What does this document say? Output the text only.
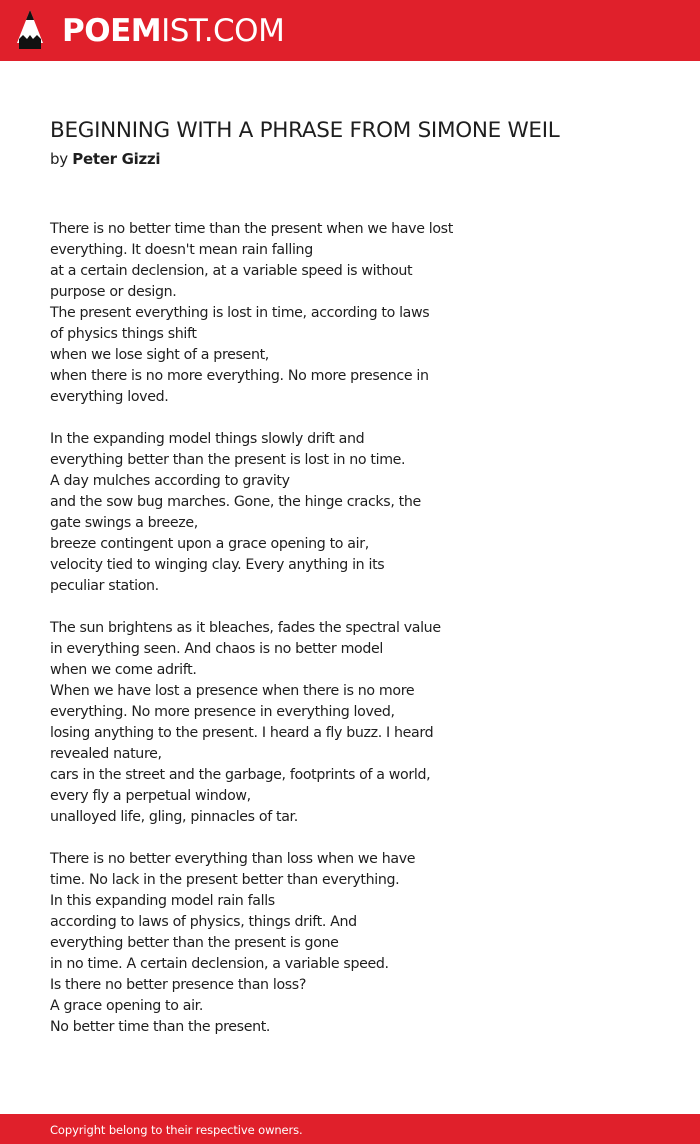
POEMIST.COM
BEGINNING WITH A PHRASE FROM SIMONE WEIL
by Peter Gizzi
There is no better time than the present when we have lost
everything. It doesn't mean rain falling
at a certain declension, at a variable speed is without
purpose or design.
The present everything is lost in time, according to laws
of physics things shift
when we lose sight of a present,
when there is no more everything. No more presence in
everything loved.
In the expanding model things slowly drift and
everything better than the present is lost in no time.
A day mulches according to gravity
and the sow bug marches. Gone, the hinge cracks, the
gate swings a breeze,
breeze contingent upon a grace opening to air,
velocity tied to winging clay. Every anything in its
peculiar station.
The sun brightens as it bleaches, fades the spectral value
in everything seen. And chaos is no better model
when we come adrift.
When we have lost a presence when there is no more
everything. No more presence in everything loved,
losing anything to the present. I heard a fly buzz. I heard
revealed nature,
cars in the street and the garbage, footprints of a world,
every fly a perpetual window,
unalloyed life, gling, pinnacles of tar.
There is no better everything than loss when we have
time. No lack in the present better than everything.
In this expanding model rain falls
according to laws of physics, things drift. And
everything better than the present is gone
in no time. A certain declension, a variable speed.
Is there no better presence than loss?
A grace opening to air.
No better time than the present.
Copyright belong to their respective owners.
